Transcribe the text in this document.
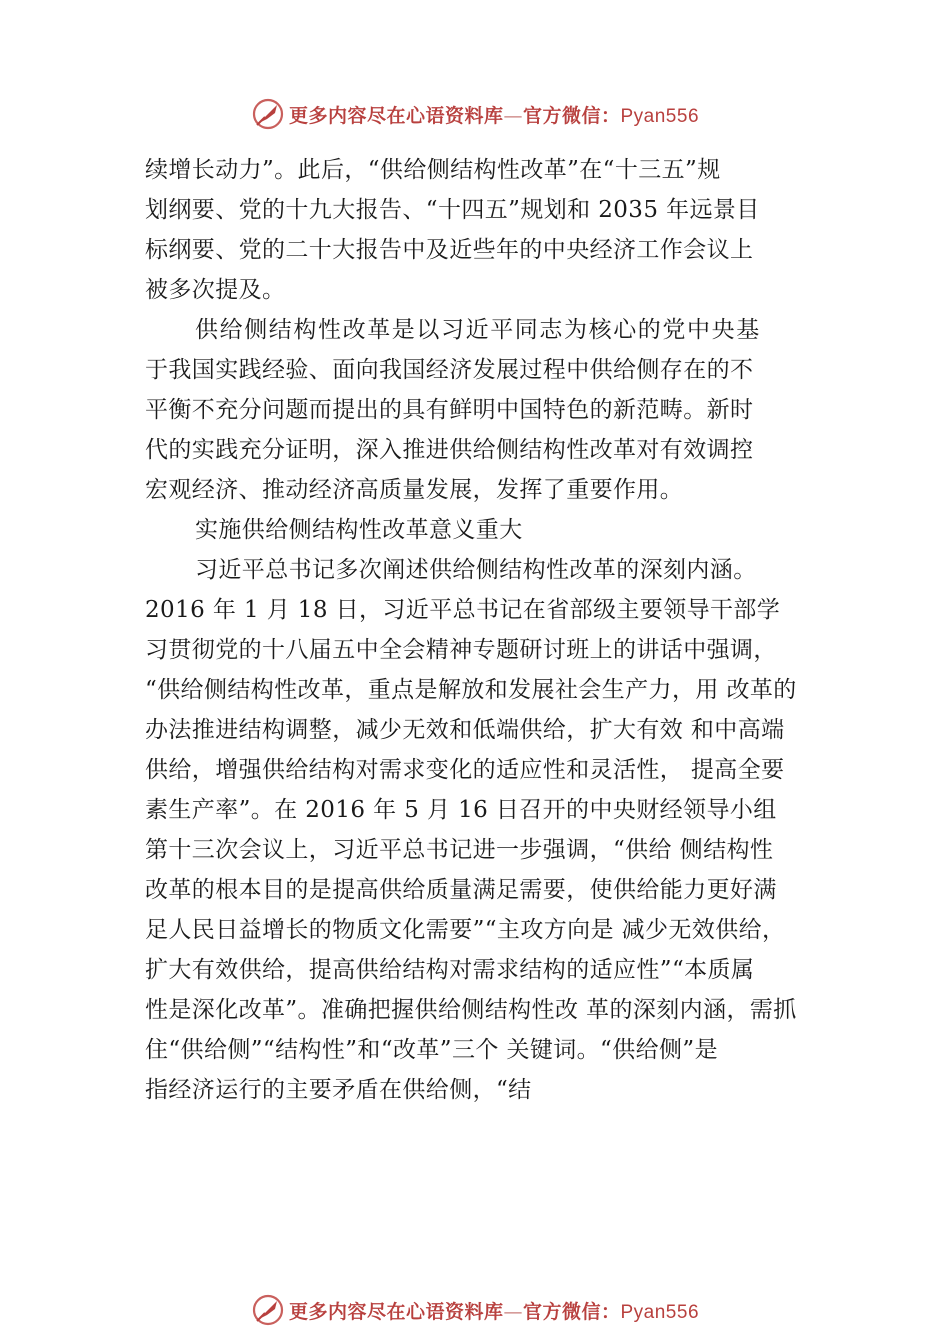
更多内容尽在心语资料库—官方微信：Pyan556
续增长动力”。此后，“供给侧结构性改革”在“十三五”规
划纲要、党的十九大报告、“十四五”规划和 2035 年远景目
标纲要、党的二十大报告中及近些年的中央经济工作会议上
被多次提及。
供给侧结构性改革是以习近平同志为核心的党中央基
于我国实践经验、面向我国经济发展过程中供给侧存在的不
平衡不充分问题而提出的具有鲜明中国特色的新范畴。新时
代的实践充分证明，深入推进供给侧结构性改革对有效调控
宏观经济、推动经济高质量发展，发挥了重要作用。
实施供给侧结构性改革意义重大
习近平总书记多次阐述供给侧结构性改革的深刻内涵。
2016 年 1 月 18 日，习近平总书记在省部级主要领导干部学
习贯彻党的十八届五中全会精神专题研讨班上的讲话中强调，
“供给侧结构性改革，重点是解放和发展社会生产力，用 改革的
办法推进结构调整，减少无效和低端供给，扩大有效 和中高端
供给，增强供给结构对需求变化的适应性和灵活性， 提高全要
素生产率”。在 2016 年 5 月 16 日召开的中央财经领导小组
第十三次会议上，习近平总书记进一步强调，“供给 侧结构性
改革的根本目的是提高供给质量满足需要，使供给能力更好满
足人民日益增长的物质文化需要”“主攻方向是 减少无效供给，
扩大有效供给，提高供给结构对需求结构的适应性”“本质属
性是深化改革”。准确把握供给侧结构性改 革的深刻内涵，需抓
住“供给侧”“结构性”和“改革”三个 关键词。“供给侧”是
指经济运行的主要矛盾在供给侧，“结
更多内容尽在心语资料库—官方微信：Pyan556
